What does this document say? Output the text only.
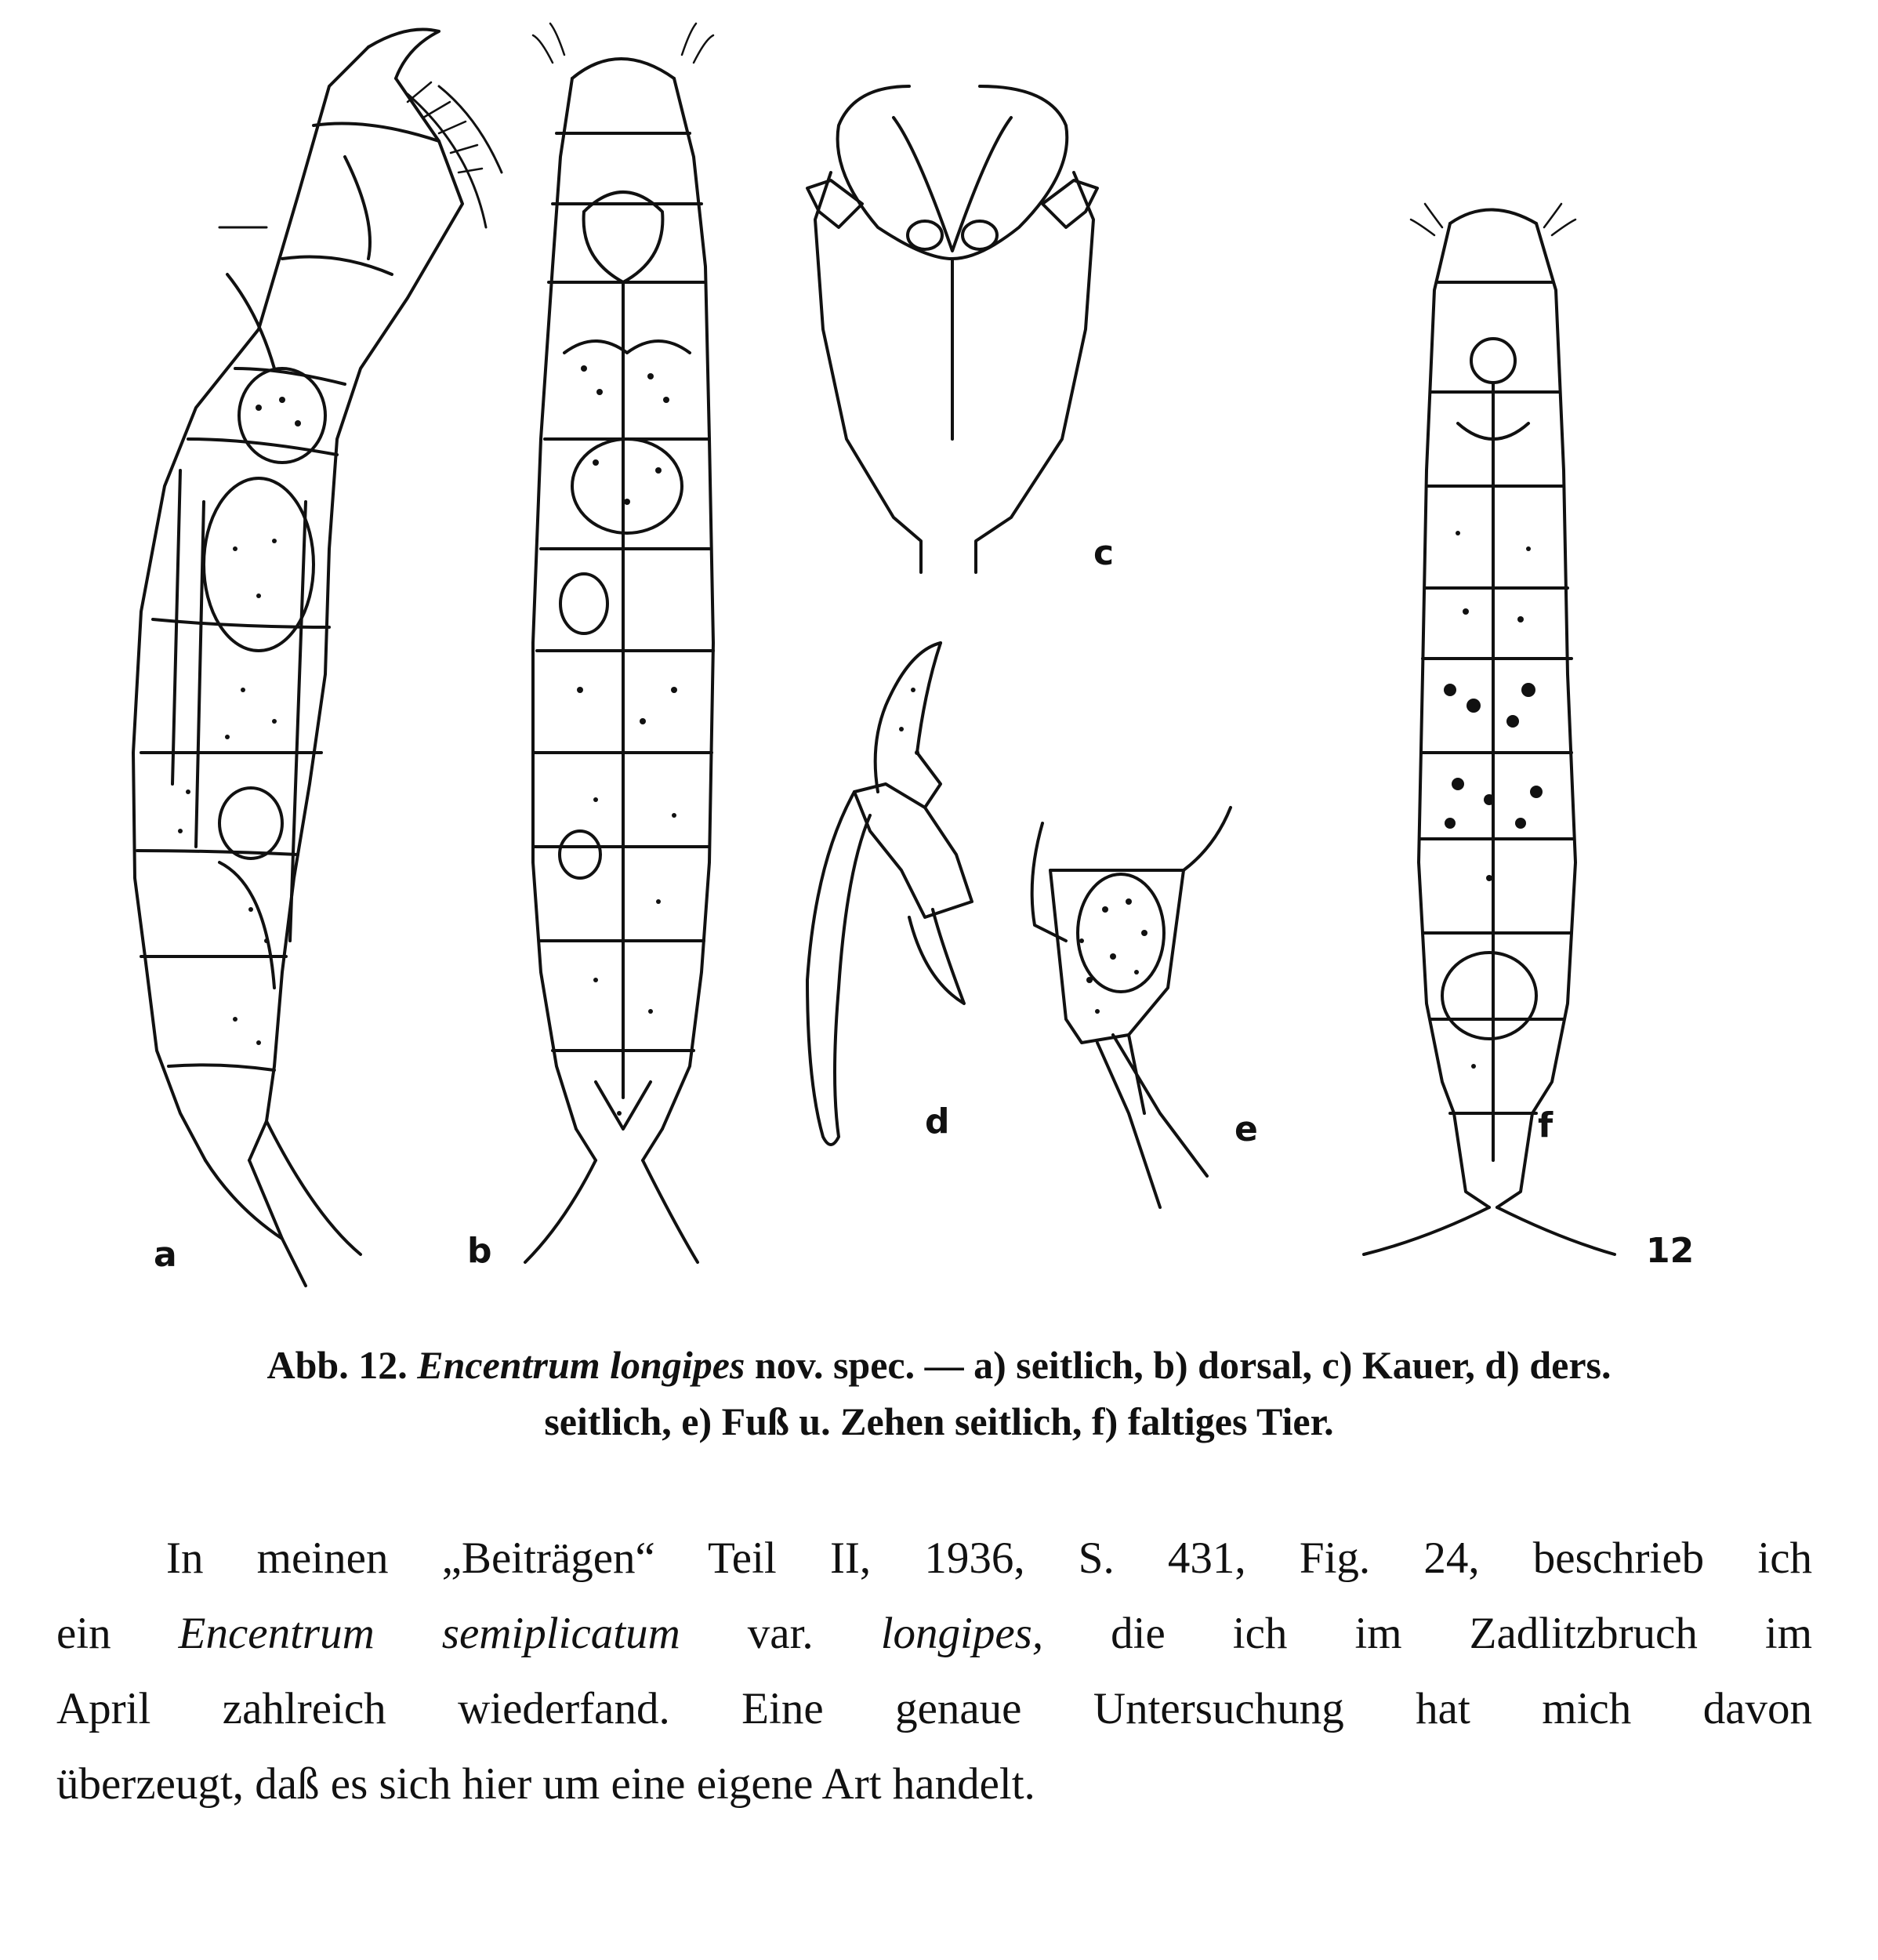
a	b
c
d	e	f
12
Abb. 12. Encentrum longipes nov. spec. — a) seitlich, b) dorsal, c) Kauer, d) ders.
seitlich, e) Fuß u. Zehen seitlich, f) faltiges Tier.
In meinen „Beiträgen“ Teil II, 1936, S. 431, Fig. 24, beschrieb ich
ein Encentrum semiplicatum var. longipes, die ich im Zadlitzbruch im
April zahlreich wiederfand. Eine genaue Untersuchung hat mich davon
überzeugt, daß es sich hier um eine eigene Art handelt.
